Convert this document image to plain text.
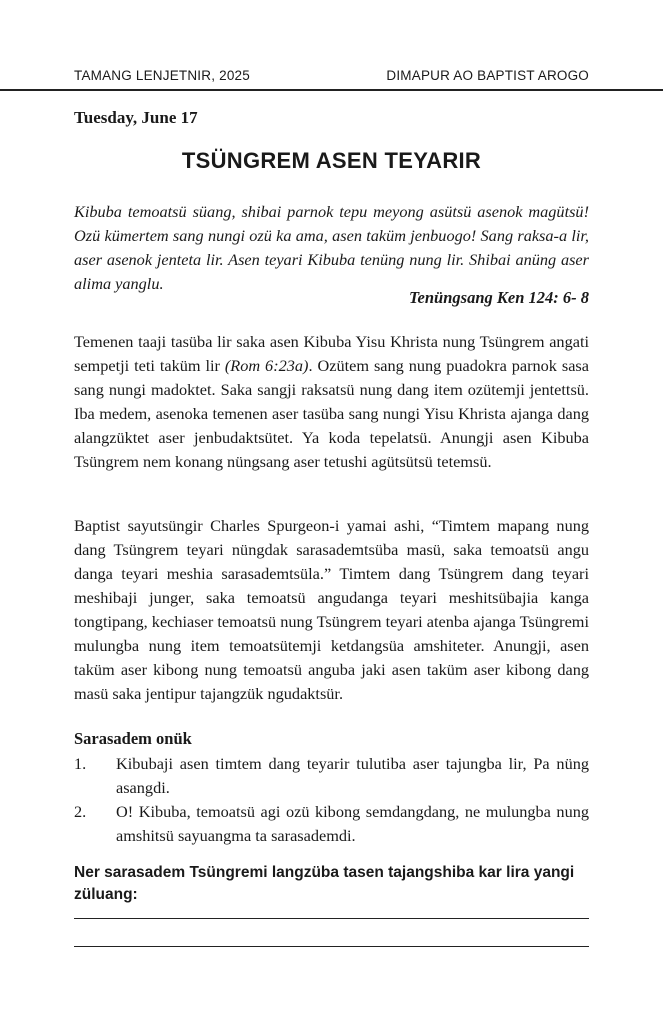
TAMANG LENJETNIR, 2025	DIMAPUR AO BAPTIST AROGO
Tuesday, June 17
TSÜNGREM ASEN TEYARIR

Kibuba temoatsü süang, shibai parnok tepu meyong asütsü asenok magütsü! Ozü kümertem sang nungi ozü ka ama, asen taküm jenbuogo! Sang raksa-a lir, aser asenok jenteta lir. Asen teyari Kibuba tenüng nung lir. Shibai anüng aser alima yanglu.

Tenüngsang Ken 124: 6- 8

Temenen taaji tasüba lir saka asen Kibuba Yisu Khrista nung Tsüngrem angati sempetji teti taküm lir (Rom 6:23a). Ozütem sang nung puadokra parnok sasa sang nungi madoktet. Saka sangji raksatsü nung dang item ozütemji jentettsü. Iba medem, asenoka temenen aser tasüba sang nungi Yisu Khrista ajanga dang alangzüktet aser jenbudaktsütet. Ya koda tepelatsü. Anungji asen Kibuba Tsüngrem nem konang nüngsang aser tetushi agütsütsü tetemsü.

Baptist sayutsüngir Charles Spurgeon-i yamai ashi, “Timtem mapang nung dang Tsüngrem teyari nüngdak sarasademtsüba masü, saka temoatsü angu danga teyari meshia sarasademtsüla.” Timtem dang Tsüngrem dang teyari meshibaji junger, saka temoatsü angudanga teyari meshitsübajia kanga tongtipang, kechiaser temoatsü nung Tsüngrem teyari atenba ajanga Tsüngremi mulungba nung item temoatsütemji ketdangsüa amshiteter. Anungji, asen taküm aser kibong nung temoatsü anguba jaki asen taküm aser kibong dang masü saka jentipur tajangzük ngudaktsür.

Sarasadem onük
1.	Kibubaji asen timtem dang teyarir tulutiba aser tajungba lir, Pa nüng asangdi.
2.	O! Kibuba, temoatsü agi ozü kibong semdangdang, ne mulungba nung amshitsü sayuangma ta sarasademdi.

Ner sarasadem Tsüngremi langzüba tasen tajangshiba kar lira yangi züluang:
